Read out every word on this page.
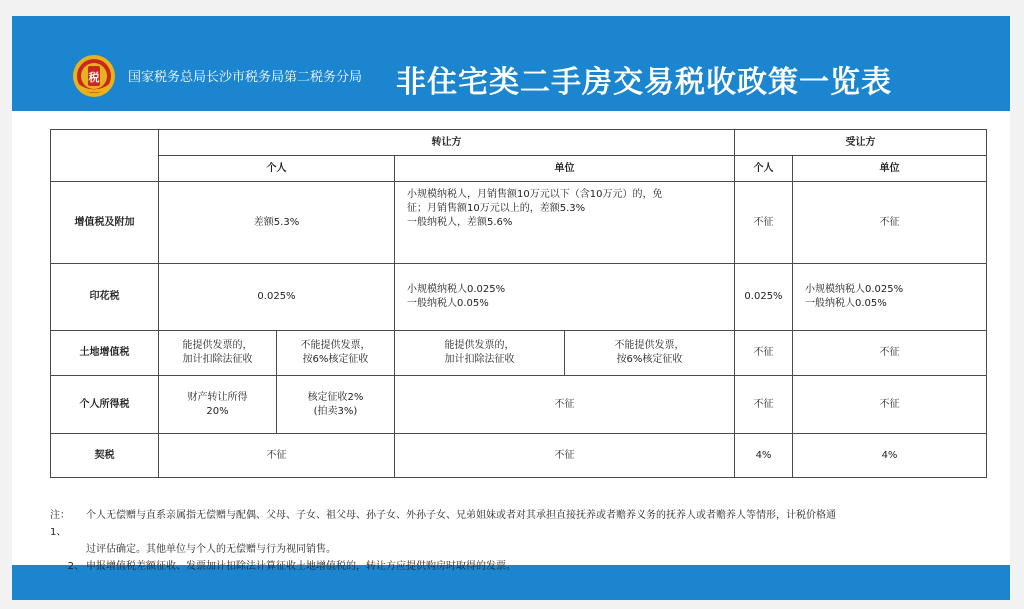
税 国家税务总局长沙市税务局第二税务分局 非住宅类二手房交易税收政策一览表
	转让方				受让方	
	个人		单位		个人	单位
增值税及附加	差额5.3%		小规模纳税人，月销售额10万元以下（含10万元）的，免
征；月销售额10万元以上的，差额5.3%
一般纳税人，差额5.6%		不征	不征
印花税	0.025%		小规模纳税人0.025%
一般纳税人0.05%		0.025%	小规模纳税人0.025%
一般纳税人0.05%

土地增值税	能提供发票的，
加计扣除法征收	不能提供发票，
按6%核定征收	能提供发票的，
加计扣除法征收	不能提供发票，
按6%核定征收	不征	不征
个人所得税	财产转让所得
20%	核定征收2%
(拍卖3%)	不征		不征	不征
契税	不征		不征		4%	4%
注：1、
个人无偿赠与直系亲属指无偿赠与配偶、父母、子女、祖父母、孙子女、外孙子女、兄弟姐妹或者对其承担直接抚养或者赡养义务的抚养人或者赡养人等情形，计税价格通
过评估确定。其他单位与个人的无偿赠与行为视同销售。
2、 申报增值税差额征收、发票加计扣除法计算征收土地增值税的，转让方应提供购房时取得的发票。
